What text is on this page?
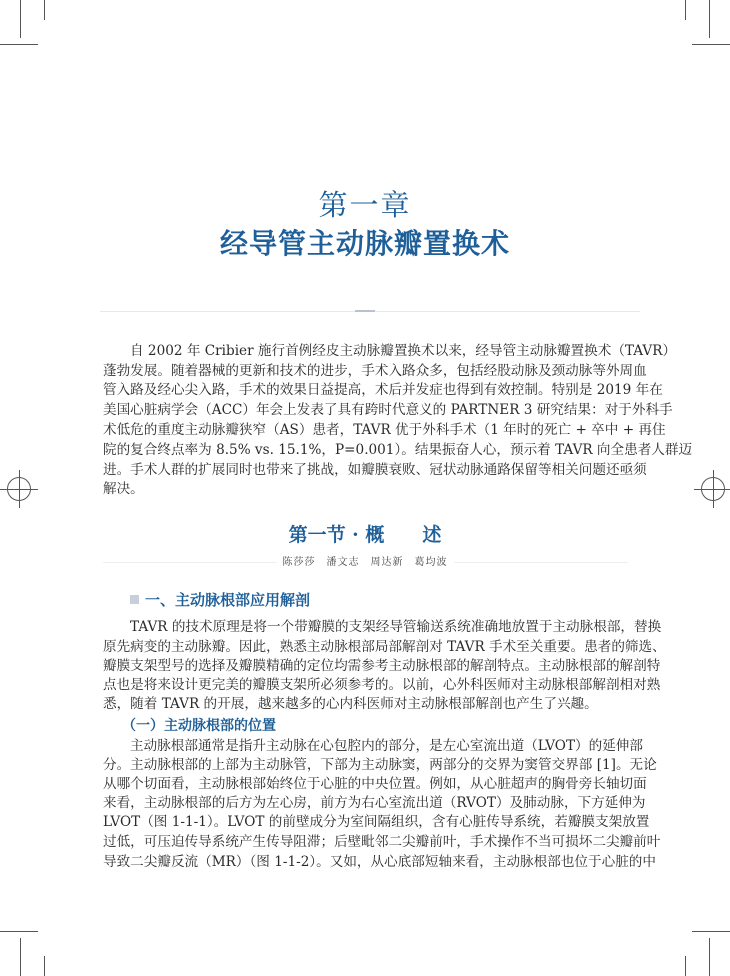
第一章
经导管主动脉瓣置换术
自 2002 年 Cribier 施行首例经皮主动脉瓣置换术以来，经导管主动脉瓣置换术（TAVR）
蓬勃发展。随着器械的更新和技术的进步，手术入路众多，包括经股动脉及颈动脉等外周血
管入路及经心尖入路，手术的效果日益提高，术后并发症也得到有效控制。特别是 2019 年在
美国心脏病学会（ACC）年会上发表了具有跨时代意义的 PARTNER 3 研究结果：对于外科手
术低危的重度主动脉瓣狭窄（AS）患者，TAVR 优于外科手术（1 年时的死亡 + 卒中 + 再住
院的复合终点率为 8.5% vs. 15.1%，P=0.001）。结果振奋人心，预示着 TAVR 向全患者人群迈
进。手术人群的扩展同时也带来了挑战，如瓣膜衰败、冠状动脉通路保留等相关问题还亟须
解决。
第一节 · 概　　述
陈莎莎　潘文志　周达新　葛均波
一、主动脉根部应用解剖
TAVR 的技术原理是将一个带瓣膜的支架经导管输送系统准确地放置于主动脉根部，替换
原先病变的主动脉瓣。因此，熟悉主动脉根部局部解剖对 TAVR 手术至关重要。患者的筛选、
瓣膜支架型号的选择及瓣膜精确的定位均需参考主动脉根部的解剖特点。主动脉根部的解剖特
点也是将来设计更完美的瓣膜支架所必须参考的。以前，心外科医师对主动脉根部解剖相对熟
悉，随着 TAVR 的开展，越来越多的心内科医师对主动脉根部解剖也产生了兴趣。
（一）主动脉根部的位置
主动脉根部通常是指升主动脉在心包腔内的部分，是左心室流出道（LVOT）的延伸部
分。主动脉根部的上部为主动脉管，下部为主动脉窦，两部分的交界为窦管交界部 [1]。无论
从哪个切面看，主动脉根部始终位于心脏的中央位置。例如，从心脏超声的胸骨旁长轴切面
来看，主动脉根部的后方为左心房，前方为右心室流出道（RVOT）及肺动脉，下方延伸为
LVOT（图 1-1-1）。LVOT 的前壁成分为室间隔组织，含有心脏传导系统，若瓣膜支架放置
过低，可压迫传导系统产生传导阻滞；后壁毗邻二尖瓣前叶，手术操作不当可损坏二尖瓣前叶
导致二尖瓣反流（MR）（图 1-1-2）。又如，从心底部短轴来看，主动脉根部也位于心脏的中
